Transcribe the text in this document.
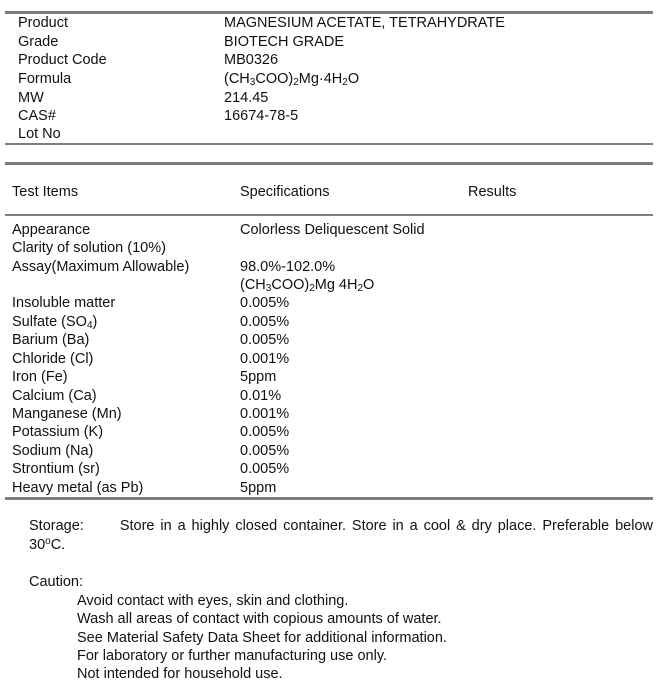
Product	MAGNESIUM ACETATE, TETRAHYDRATE
Grade	BIOTECH GRADE
Product Code	MB0326
Formula	$(CH_3COO)_2Mg\cdot 4H_2O$
MW	214.45
CAS#	16674-78-5
Lot No
Test Items	Specifications	Results
Appearance	Colorless Deliquescent Solid
Clarity of solution (10%)
Assay(Maximum Allowable)	98.0%-102.0%
$(CH_3COO)_2Mg$ $4H_2O$
Insoluble matter	0.005%
Sulfate $(SO_4)$	0.005%
Barium (Ba)	0.005%
Chloride (Cl)	0.001%
Iron (Fe)	5ppm
Calcium (Ca)	0.01%
Manganese (Mn)	0.001%
Potassium (K)	0.005%
Sodium (Na)	0.005%
Strontium (sr)	0.005%
Heavy metal (as Pb)	5ppm
Storage: Store in a highly closed container. Store in a cool & dry place. Preferable below 30$^o$C.
Caution:
Avoid contact with eyes, skin and clothing.
Wash all areas of contact with copious amounts of water.
See Material Safety Data Sheet for additional information.
For laboratory or further manufacturing use only.
Not intended for household use.
